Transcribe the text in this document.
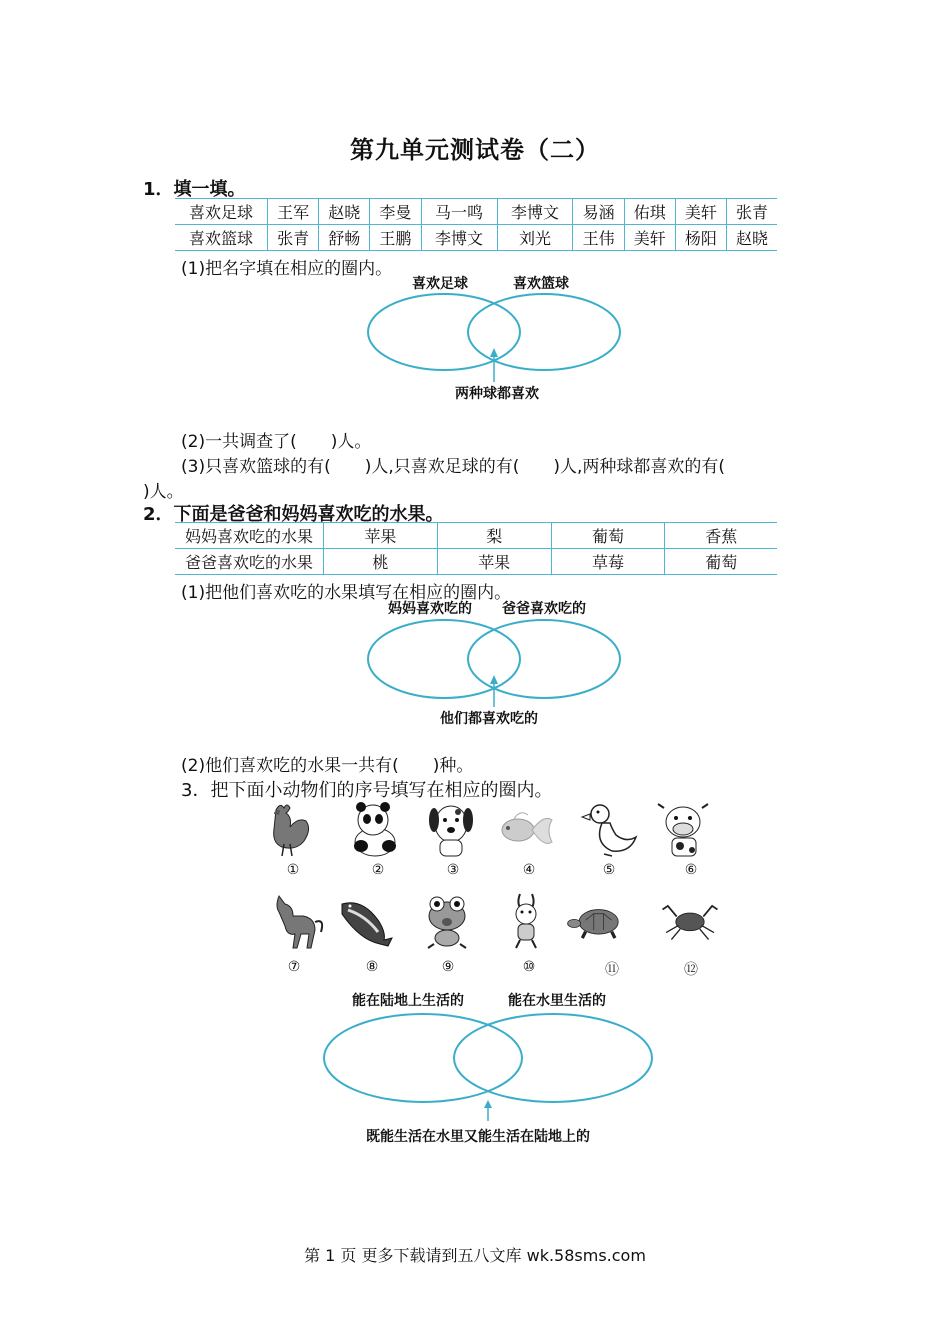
第九单元测试卷（二）
1．填一填。
喜欢足球	王军	赵晓	李曼	马一鸣	李博文	易涵	佑琪	美轩	张青
喜欢篮球	张青	舒畅	王鹏	李博文	刘光	王伟	美轩	杨阳	赵晓
(1)把名字填在相应的圈内。
喜欢足球	喜欢篮球
两种球都喜欢
(2)一共调查了(　　)人。
(3)只喜欢篮球的有(　　)人,只喜欢足球的有(　　)人,两种球都喜欢的有(
)人。
2．下面是爸爸和妈妈喜欢吃的水果。
妈妈喜欢吃的水果	苹果	梨	葡萄	香蕉
爸爸喜欢吃的水果	桃	苹果	草莓	葡萄
(1)把他们喜欢吃的水果填写在相应的圈内。
妈妈喜欢吃的 爸爸喜欢吃的
他们都喜欢吃的
(2)他们喜欢吃的水果一共有(　　)种。
3．把下面小动物们的序号填写在相应的圈内。
①	②	③	④	⑤	⑥
⑦	⑧	⑨	⑩	⑪	⑫
能在陆地上生活的	能在水里生活的
既能生活在水里又能生活在陆地上的
第 1 页 更多下载请到五八文库 wk.58sms.com
